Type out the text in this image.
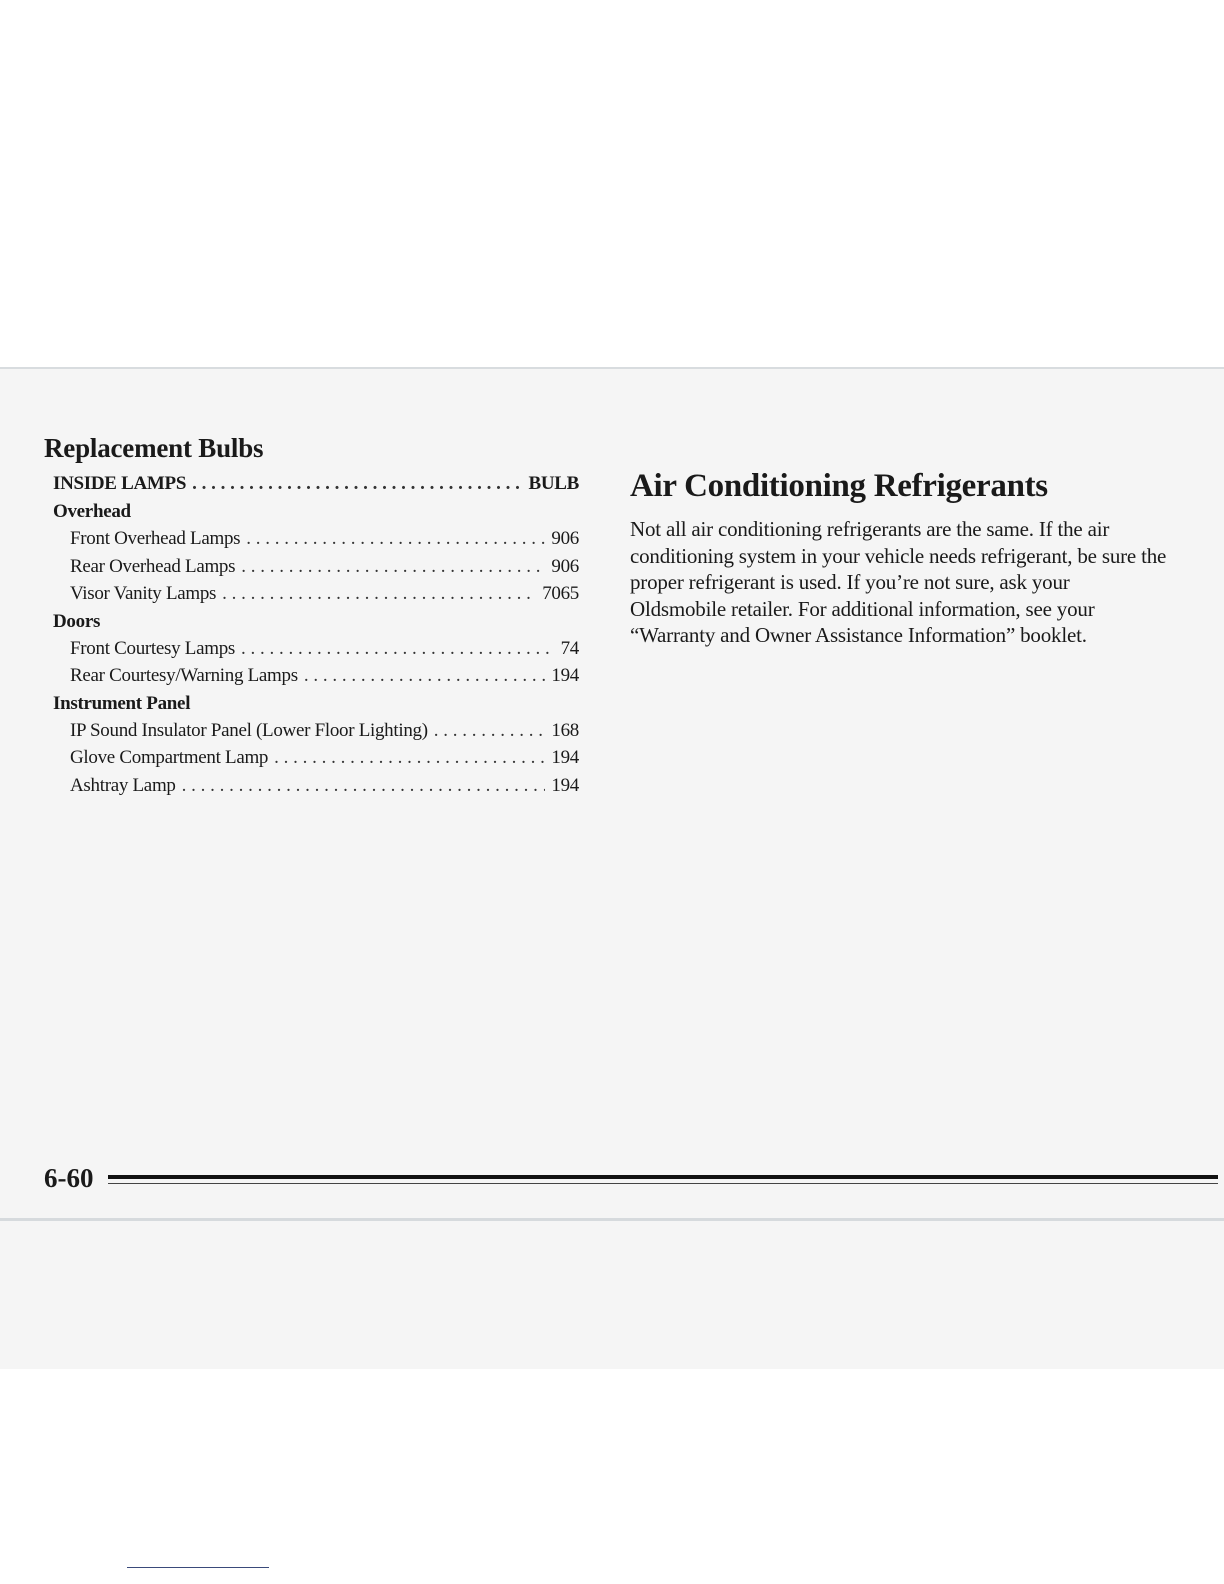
Replacement Bulbs
INSIDE LAMPS . . .	BULB
Overhead
Front Overhead Lamps . . .	906
Rear Overhead Lamps . . .	906
Visor Vanity Lamps . . .	7065
Doors
Front Courtesy Lamps . . .	74
Rear Courtesy/Warning Lamps . . .	194
Instrument Panel
IP Sound Insulator Panel (Lower Floor Lighting) . . .	168
Glove Compartment Lamp . . .	194
Ashtray Lamp . . .	194
Air Conditioning Refrigerants

Not all air conditioning refrigerants are the same. If the air conditioning system in your vehicle needs refrigerant, be sure the proper refrigerant is used. If you’re not sure, ask your Oldsmobile retailer. For additional information, see your “Warranty and Owner Assistance Information” booklet.

6-60
